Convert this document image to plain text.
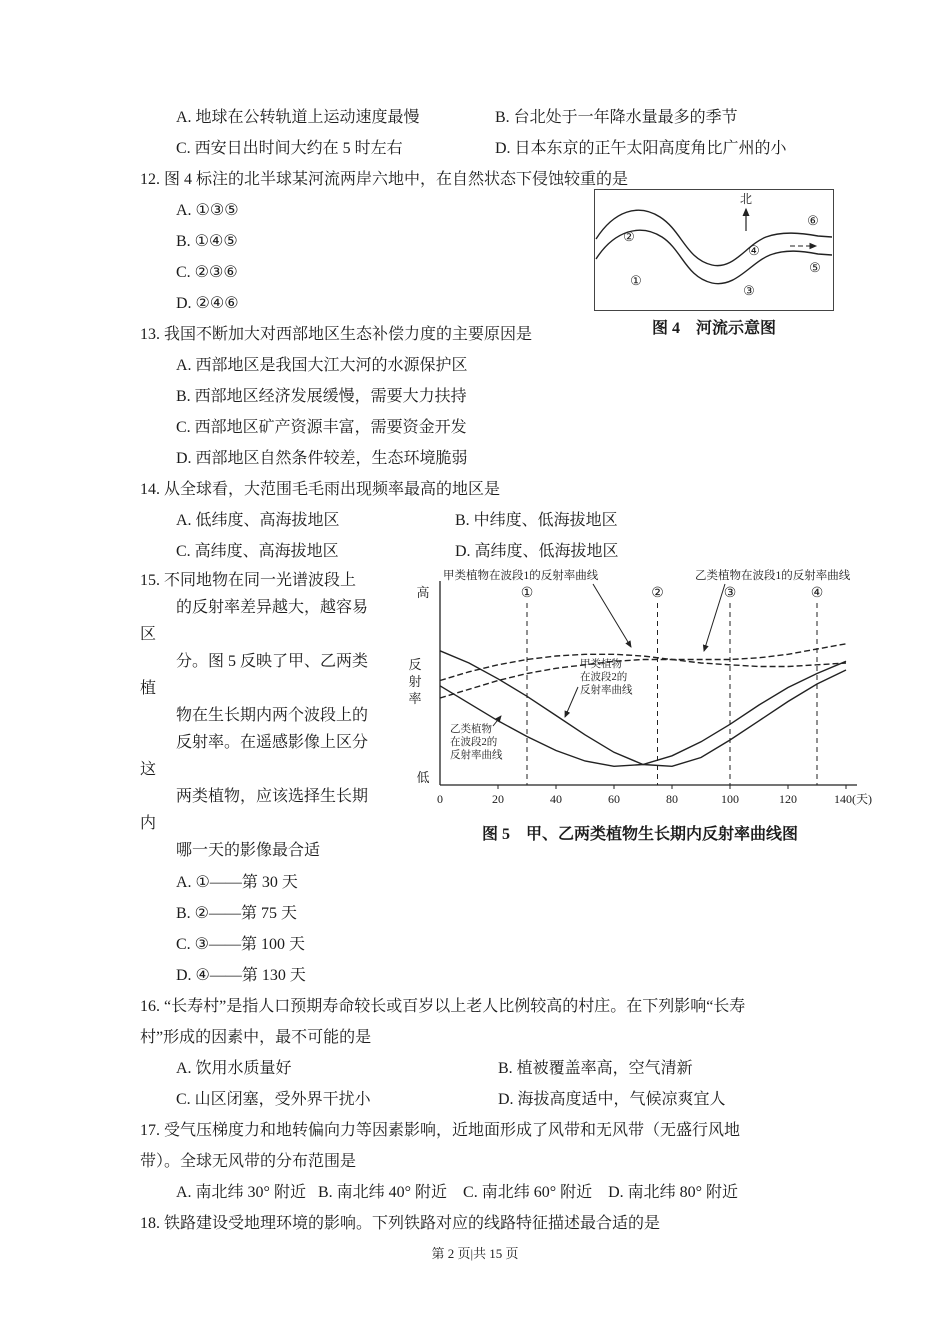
A. 地球在公转轨道上运动速度最慢	B. 台北处于一年降水量最多的季节
C. 西安日出时间大约在 5 时左右	D. 日本东京的正午太阳高度角比广州的小
12. 图 4 标注的北半球某河流两岸六地中，在自然状态下侵蚀较重的是
A. ①③⑤
B. ①④⑤
C. ②③⑥
D. ②④⑥
北
①
②
③
④
⑤
⑥
图 4　河流示意图
13. 我国不断加大对西部地区生态补偿力度的主要原因是
A. 西部地区是我国大江大河的水源保护区
B. 西部地区经济发展缓慢，需要大力扶持
C. 西部地区矿产资源丰富，需要资金开发
D. 西部地区自然条件较差，生态环境脆弱
14. 从全球看，大范围毛毛雨出现频率最高的地区是
A. 低纬度、高海拔地区	B. 中纬度、低海拔地区
C. 高纬度、高海拔地区	D. 高纬度、低海拔地区
15. 不同地物在同一光谱波段上
的反射率差异越大，越容易
区
分。图 5 反映了甲、乙两类
植
物在生长期内两个波段上的
反射率。在遥感影像上区分
这
两类植物，应该选择生长期
内
哪一天的影像最合适
甲类植物在波段1的反射率曲线	乙类植物在波段1的反射率曲线
①	②	③	④
高
反
射
率
低
0	20	40	60	80	100	120	140(天)
甲类植物
在波段2的
反射率曲线
乙类植物
在波段2的
反射率曲线
图 5　甲、乙两类植物生长期内反射率曲线图
A. ①——第 30 天
B. ②——第 75 天
C. ③——第 100 天
D. ④——第 130 天
16. “长寿村”是指人口预期寿命较长或百岁以上老人比例较高的村庄。在下列影响“长寿
村”形成的因素中，最不可能的是
A. 饮用水质量好	B. 植被覆盖率高，空气清新
C. 山区闭塞，受外界干扰小	D. 海拔高度适中，气候凉爽宜人
17. 受气压梯度力和地转偏向力等因素影响，近地面形成了风带和无风带（无盛行风地
带）。全球无风带的分布范围是
A. 南北纬 30° 附近   B. 南北纬 40° 附近    C. 南北纬 60° 附近    D. 南北纬 80° 附近
18. 铁路建设受地理环境的影响。下列铁路对应的线路特征描述最合适的是
第 2 页|共 15 页
